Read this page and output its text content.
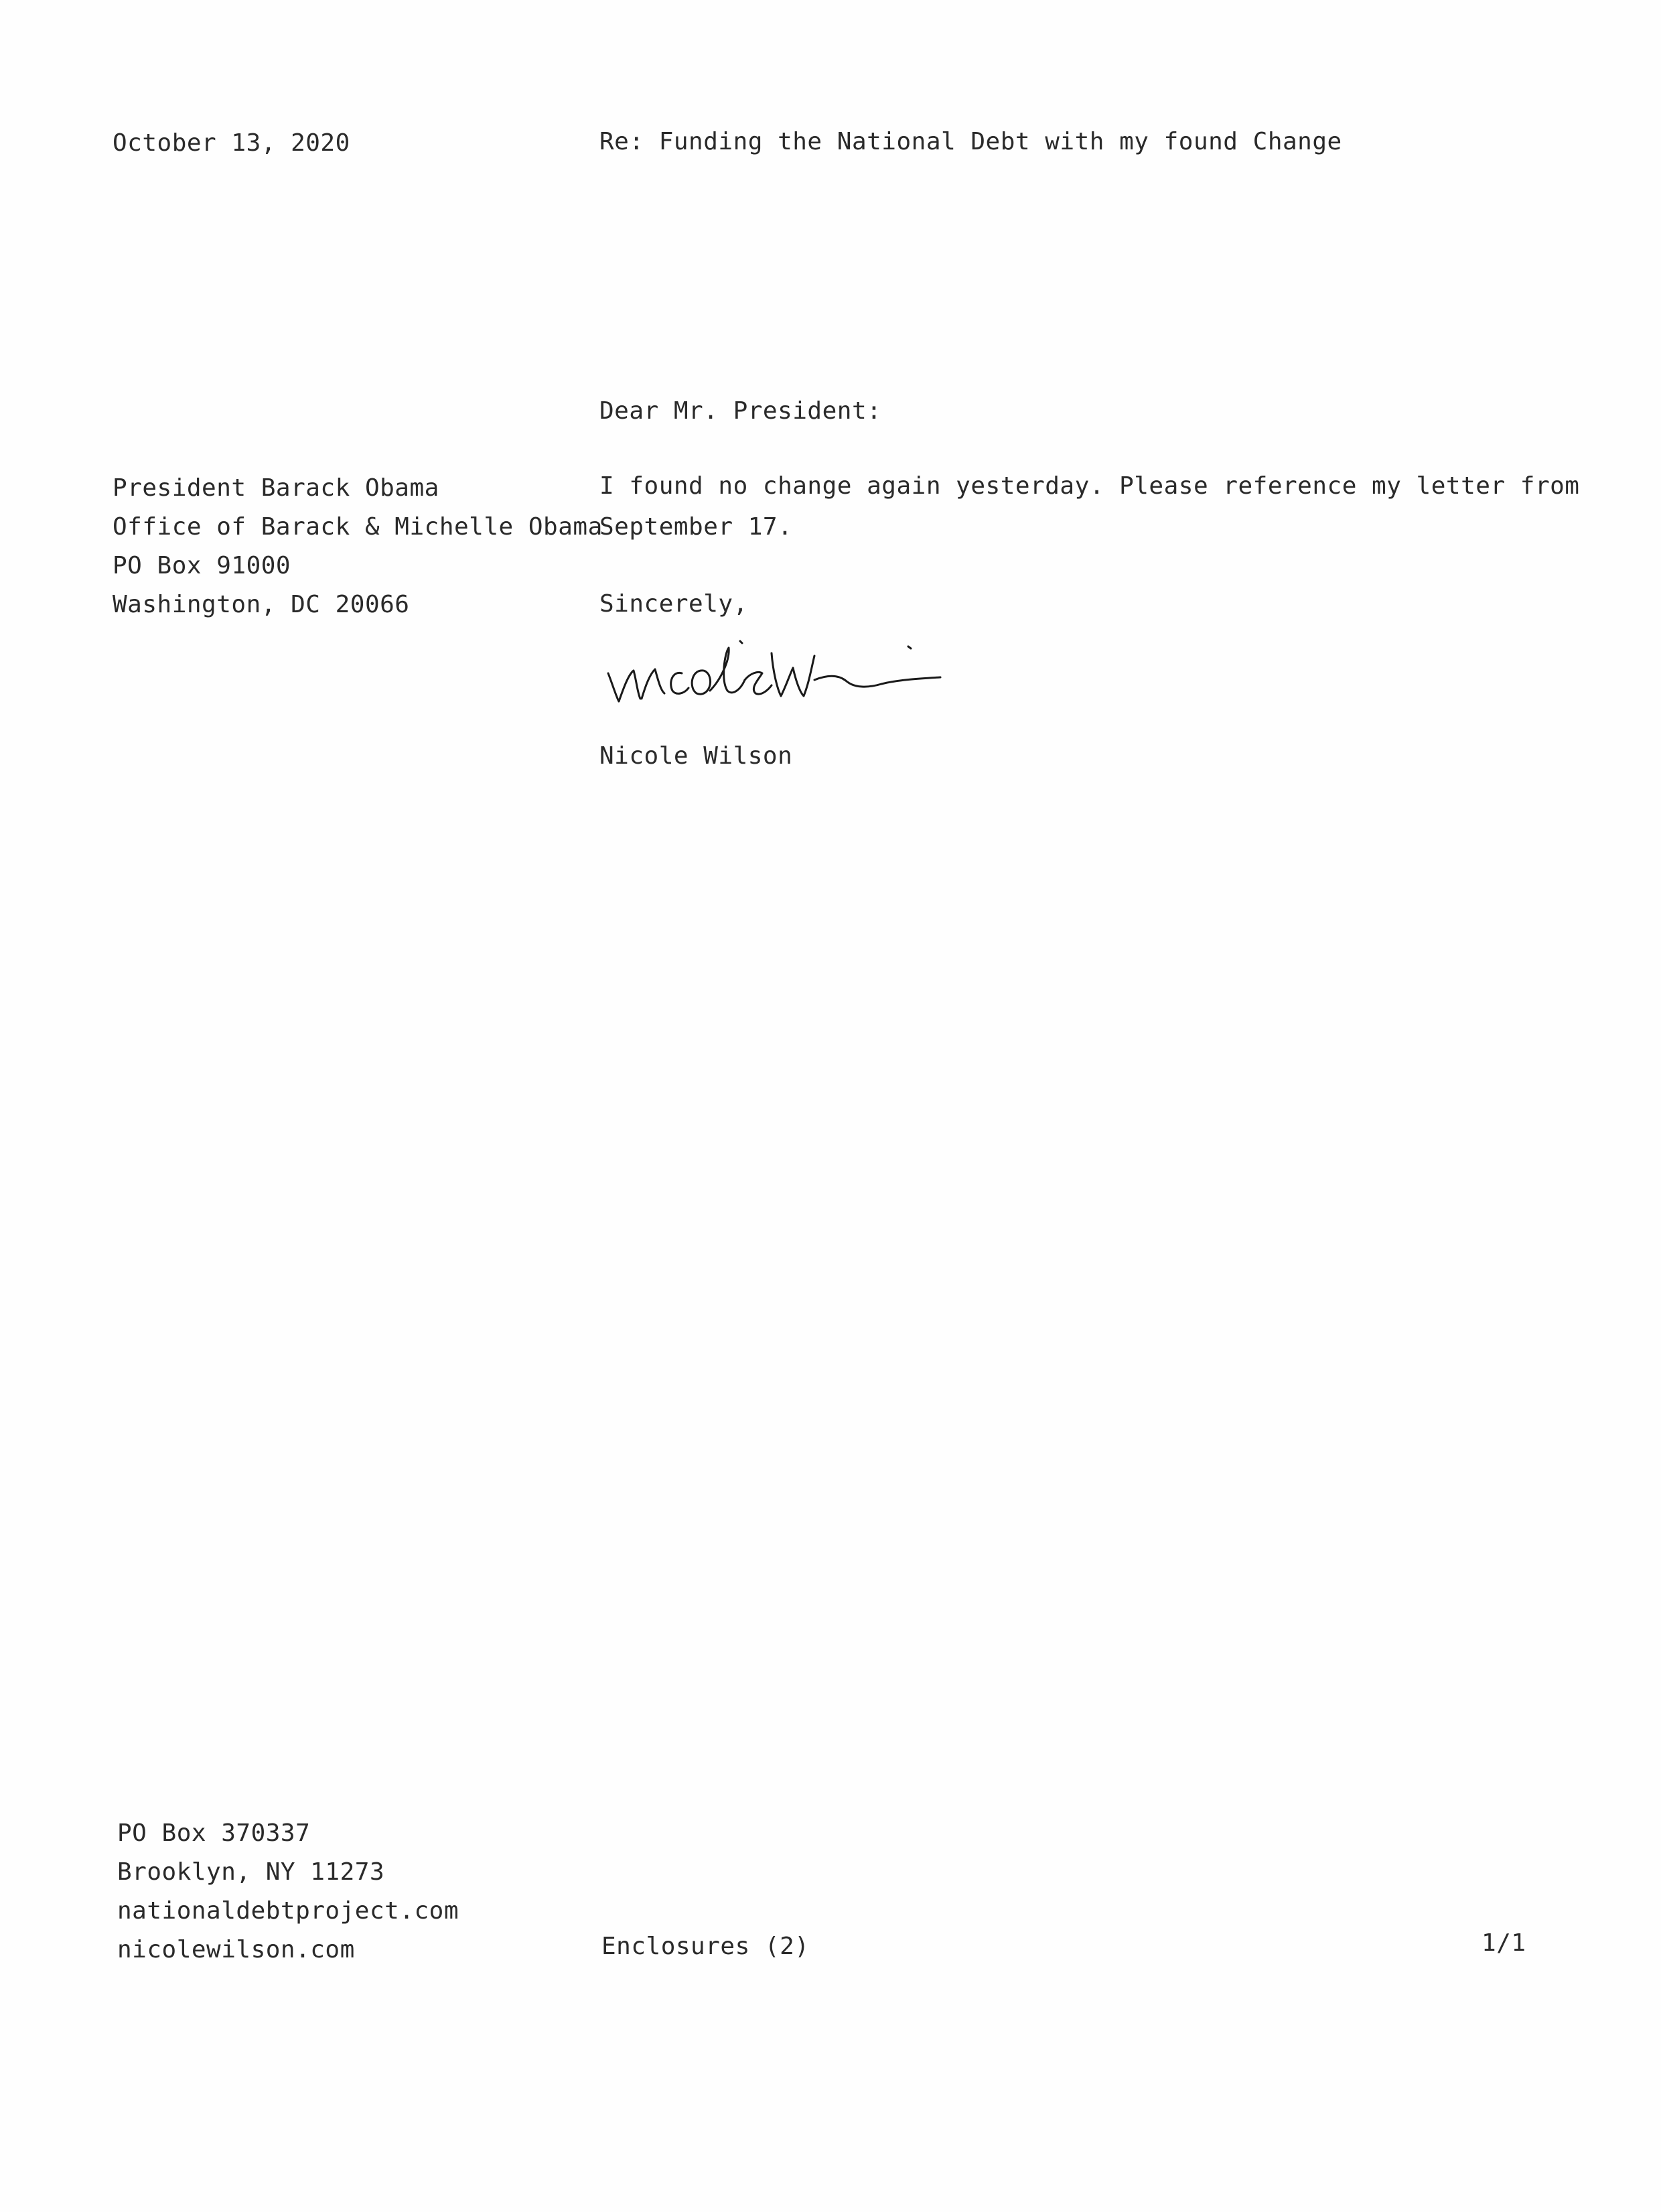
October 13, 2020	Re: Funding the National Debt with my found Change
Dear Mr. President:
President Barack Obama
Office of Barack & Michelle Obama
PO Box 91000
Washington, DC 20066
I found no change again yesterday. Please reference my letter from
September 17.
Sincerely,
Nicole Wilson
PO Box 370337
Brooklyn, NY 11273
nationaldebtproject.com
nicolewilson.com	Enclosures (2)	1/1
